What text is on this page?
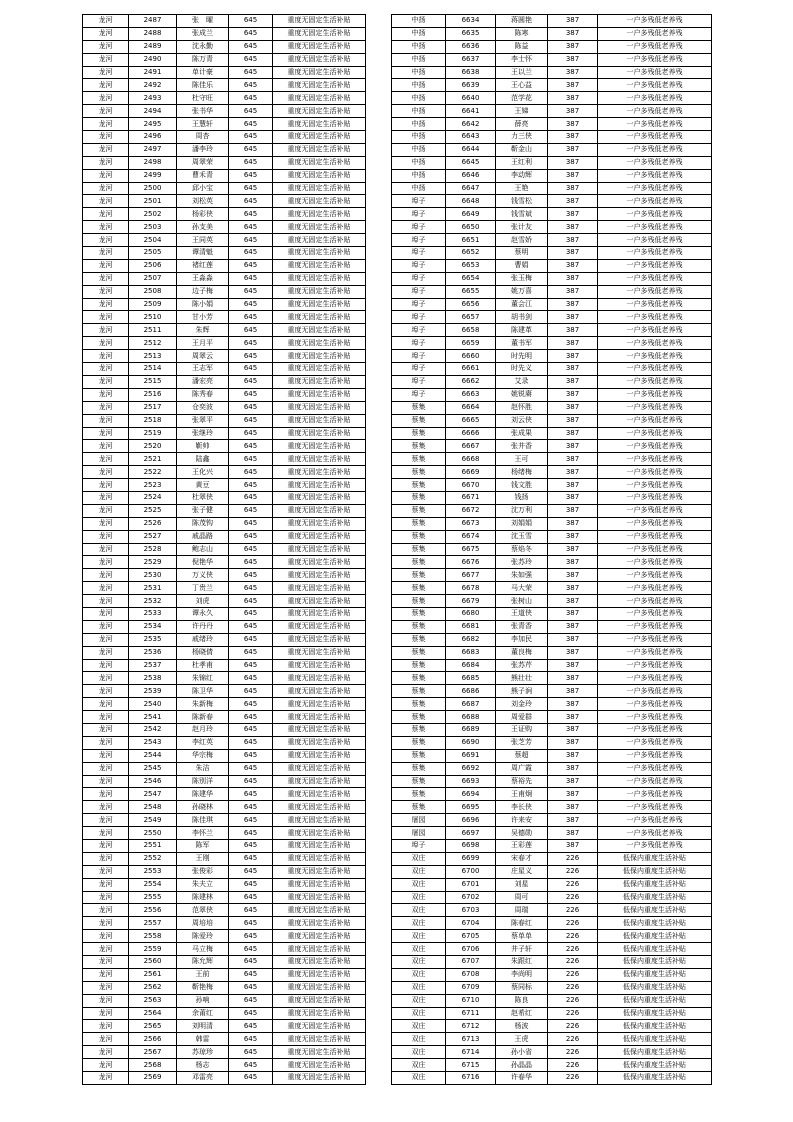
龙河	2487	张　曜	645	重度无固定生活补贴
龙河	2488	张成兰	645	重度无固定生活补贴
龙河	2489	沈永勤	645	重度无固定生活补贴
龙河	2490	陈万青	645	重度无固定生活补贴
龙河	2491	单计豪	645	重度无固定生活补贴
龙河	2492	陈佳乐	645	重度无固定生活补贴
龙河	2493	杜守旺	645	重度无固定生活补贴
龙河	2494	张书华	645	重度无固定生活补贴
龙河	2495	王慧轩	645	重度无固定生活补贴
龙河	2496	周杏	645	重度无固定生活补贴
龙河	2497	潘李玲	645	重度无固定生活补贴
龙河	2498	周翠荣	645	重度无固定生活补贴
龙河	2499	曹禾青	645	重度无固定生活补贴
龙河	2500	邱小宝	645	重度无固定生活补贴
龙河	2501	刘松英	645	重度无固定生活补贴
龙河	2502	杨彩侠	645	重度无固定生活补贴
龙河	2503	孙支美	645	重度无固定生活补贴
龙河	2504	王同英	645	重度无固定生活补贴
龙河	2505	谭清魁	645	重度无固定生活补贴
龙河	2506	褚红莲	645	重度无固定生活补贴
龙河	2507	王淼淼	645	重度无固定生活补贴
龙河	2508	边子梅	645	重度无固定生活补贴
龙河	2509	陈小娟	645	重度无固定生活补贴
龙河	2510	甘小芳	645	重度无固定生活补贴
龙河	2511	朱辉	645	重度无固定生活补贴
龙河	2512	王月平	645	重度无固定生活补贴
龙河	2513	周翠云	645	重度无固定生活补贴
龙河	2514	王志军	645	重度无固定生活补贴
龙河	2515	潘宏亮	645	重度无固定生活补贴
龙河	2516	陈秀春	645	重度无固定生活补贴
龙河	2517	仓奕波	645	重度无固定生活补贴
龙河	2518	张翠平	645	重度无固定生活补贴
龙河	2519	张继玲	645	重度无固定生活补贴
龙河	2520	靳帅	645	重度无固定生活补贴
龙河	2521	陆鑫	645	重度无固定生活补贴
龙河	2522	王化兴	645	重度无固定生活补贴
龙河	2523	黄豆	645	重度无固定生活补贴
龙河	2524	杜翠侠	645	重度无固定生活补贴
龙河	2525	张子健	645	重度无固定生活补贴
龙河	2526	陈茂钩	645	重度无固定生活补贴
龙河	2527	戚晶路	645	重度无固定生活补贴
龙河	2528	鲍志山	645	重度无固定生活补贴
龙河	2529	倪艳华	645	重度无固定生活补贴
龙河	2530	万义侠	645	重度无固定生活补贴
龙河	2531	丁贵兰	645	重度无固定生活补贴
龙河	2532	刘虎	645	重度无固定生活补贴
龙河	2533	谭永久	645	重度无固定生活补贴
龙河	2534	许丹丹	645	重度无固定生活补贴
龙河	2535	戚绪玲	645	重度无固定生活补贴
龙河	2536	杨晓倩	645	重度无固定生活补贴
龙河	2537	杜孝甫	645	重度无固定生活补贴
龙河	2538	朱锦红	645	重度无固定生活补贴
龙河	2539	陈卫华	645	重度无固定生活补贴
龙河	2540	朱新梅	645	重度无固定生活补贴
龙河	2541	陈新春	645	重度无固定生活补贴
龙河	2542	赵月玲	645	重度无固定生活补贴
龙河	2543	李红英	645	重度无固定生活补贴
龙河	2544	华宗梅	645	重度无固定生活补贴
龙河	2545	朱洁	645	重度无固定生活补贴
龙河	2546	陈别洋	645	重度无固定生活补贴
龙河	2547	陈建华	645	重度无固定生活补贴
龙河	2548	孙晓林	645	重度无固定生活补贴
龙河	2549	陈佳琪	645	重度无固定生活补贴
龙河	2550	李怀兰	645	重度无固定生活补贴
龙河	2551	陈军	645	重度无固定生活补贴
龙河	2552	王刚	645	重度无固定生活补贴
龙河	2553	张俊彩	645	重度无固定生活补贴
龙河	2554	朱夫立	645	重度无固定生活补贴
龙河	2555	陈建林	645	重度无固定生活补贴
龙河	2556	范翠侠	645	重度无固定生活补贴
龙河	2557	周培培	645	重度无固定生活补贴
龙河	2558	陈爱玲	645	重度无固定生活补贴
龙河	2559	马立梅	645	重度无固定生活补贴
龙河	2560	陈允辉	645	重度无固定生活补贴
龙河	2561	王前	645	重度无固定生活补贴
龙河	2562	靳艳梅	645	重度无固定生活补贴
龙河	2563	孙响	645	重度无固定生活补贴
龙河	2564	余莆红	645	重度无固定生活补贴
龙河	2565	刘明清	645	重度无固定生活补贴
龙河	2566	韩雷	645	重度无固定生活补贴
龙河	2567	苏琼珍	645	重度无固定生活补贴
龙河	2568	杨志	645	重度无固定生活补贴
龙河	2569	邓雷亮	645	重度无固定生活补贴
中扬	6634	蒋圆艳	387	一户多残低老养残
中扬	6635	陈寒	387	一户多残低老养残
中扬	6636	陈益	387	一户多残低老养残
中扬	6637	李士怀	387	一户多残低老养残
中扬	6638	王以兰	387	一户多残低老养残
中扬	6639	王心益	387	一户多残低老养残
中扬	6640	范学花	387	一户多残低老养残
中扬	6641	王娣	387	一户多残低老养残
中扬	6642	薛亮	387	一户多残低老养残
中扬	6643	力三侠	387	一户多残低老养残
中扬	6644	靳金山	387	一户多残低老养残
中扬	6645	王红利	387	一户多残低老养残
中扬	6646	李动辉	387	一户多残低老养残
中扬	6647	王艳	387	一户多残低老养残
埠子	6648	钱雪松	387	一户多残低老养残
埠子	6649	钱雪斌	387	一户多残低老养残
埠子	6650	张计友	387	一户多残低老养残
埠子	6651	赵雪娇	387	一户多残低老养残
埠子	6652	蔡明	387	一户多残低老养残
埠子	6653	曹娟	387	一户多残低老养残
埠子	6654	张玉梅	387	一户多残低老养残
埠子	6655	姚万喜	387	一户多残低老养残
埠子	6656	董会江	387	一户多残低老养残
埠子	6657	胡书剑	387	一户多残低老养残
埠子	6658	陈建革	387	一户多残低老养残
埠子	6659	董书军	387	一户多残低老养残
埠子	6660	时先明	387	一户多残低老养残
埠子	6661	时先义	387	一户多残低老养残
埠子	6662	艾录	387	一户多残低老养残
埠子	6663	姚锐赓	387	一户多残低老养残
蔡集	6664	赵怀胜	387	一户多残低老养残
蔡集	6665	刘云侠	387	一户多残低老养残
蔡集	6666	张成果	387	一户多残低老养残
蔡集	6667	张井香	387	一户多残低老养残
蔡集	6668	王可	387	一户多残低老养残
蔡集	6669	杨绪梅	387	一户多残低老养残
蔡集	6670	钱文胜	387	一户多残低老养残
蔡集	6671	钱扬	387	一户多残低老养残
蔡集	6672	沈万利	387	一户多残低老养残
蔡集	6673	刘娟娟	387	一户多残低老养残
蔡集	6674	沈玉雪	387	一户多残低老养残
蔡集	6675	蔡焰冬	387	一户多残低老养残
蔡集	6676	张苏玲	387	一户多残低老养残
蔡集	6677	朱如强	387	一户多残低老养残
蔡集	6678	马大荣	387	一户多残低老养残
蔡集	6679	张树山	387	一户多残低老养残
蔡集	6680	王道侠	387	一户多残低老养残
蔡集	6681	张青香	387	一户多残低老养残
蔡集	6682	李加民	387	一户多残低老养残
蔡集	6683	董良梅	387	一户多残低老养残
蔡集	6684	张苏芹	387	一户多残低老养残
蔡集	6685	熊壮壮	387	一户多残低老养残
蔡集	6686	熊子涧	387	一户多残低老养残
蔡集	6687	刘金玲	387	一户多残低老养残
蔡集	6688	周爱群	387	一户多残低老养残
蔡集	6689	王证购	387	一户多残低老养残
蔡集	6690	张芝芳	387	一户多残低老养残
蔡集	6691	蔡超	387	一户多残低老养残
蔡集	6692	周广霞	387	一户多残低老养残
蔡集	6693	蔡裕先	387	一户多残低老养残
蔡集	6694	王甫炯	387	一户多残低老养残
蔡集	6695	李长侠	387	一户多残低老养残
屠园	6696	许来安	387	一户多残低老养残
屠园	6697	吴德勋	387	一户多残低老养残
埠子	6698	王彩莲	387	一户多残低老养残
双庄	6699	宋春才	226	低保内重度生活补贴
双庄	6700	庄星义	226	低保内重度生活补贴
双庄	6701	刘星	226	低保内重度生活补贴
双庄	6702	周可	226	低保内重度生活补贴
双庄	6703	周瑞	226	低保内重度生活补贴
双庄	6704	陈春红	226	低保内重度生活补贴
双庄	6705	蔡单单	226	低保内重度生活补贴
双庄	6706	井子轩	226	低保内重度生活补贴
双庄	6707	朱跟红	226	低保内重度生活补贴
双庄	6708	李尚明	226	低保内重度生活补贴
双庄	6709	蔡同标	226	低保内重度生活补贴
双庄	6710	陈良	226	低保内重度生活补贴
双庄	6711	赵希红	226	低保内重度生活补贴
双庄	6712	杨波	226	低保内重度生活补贴
双庄	6713	王虎	226	低保内重度生活补贴
双庄	6714	孙小省	226	低保内重度生活补贴
双庄	6715	孙晶晶	226	低保内重度生活补贴
双庄	6716	许春华	226	低保内重度生活补贴
